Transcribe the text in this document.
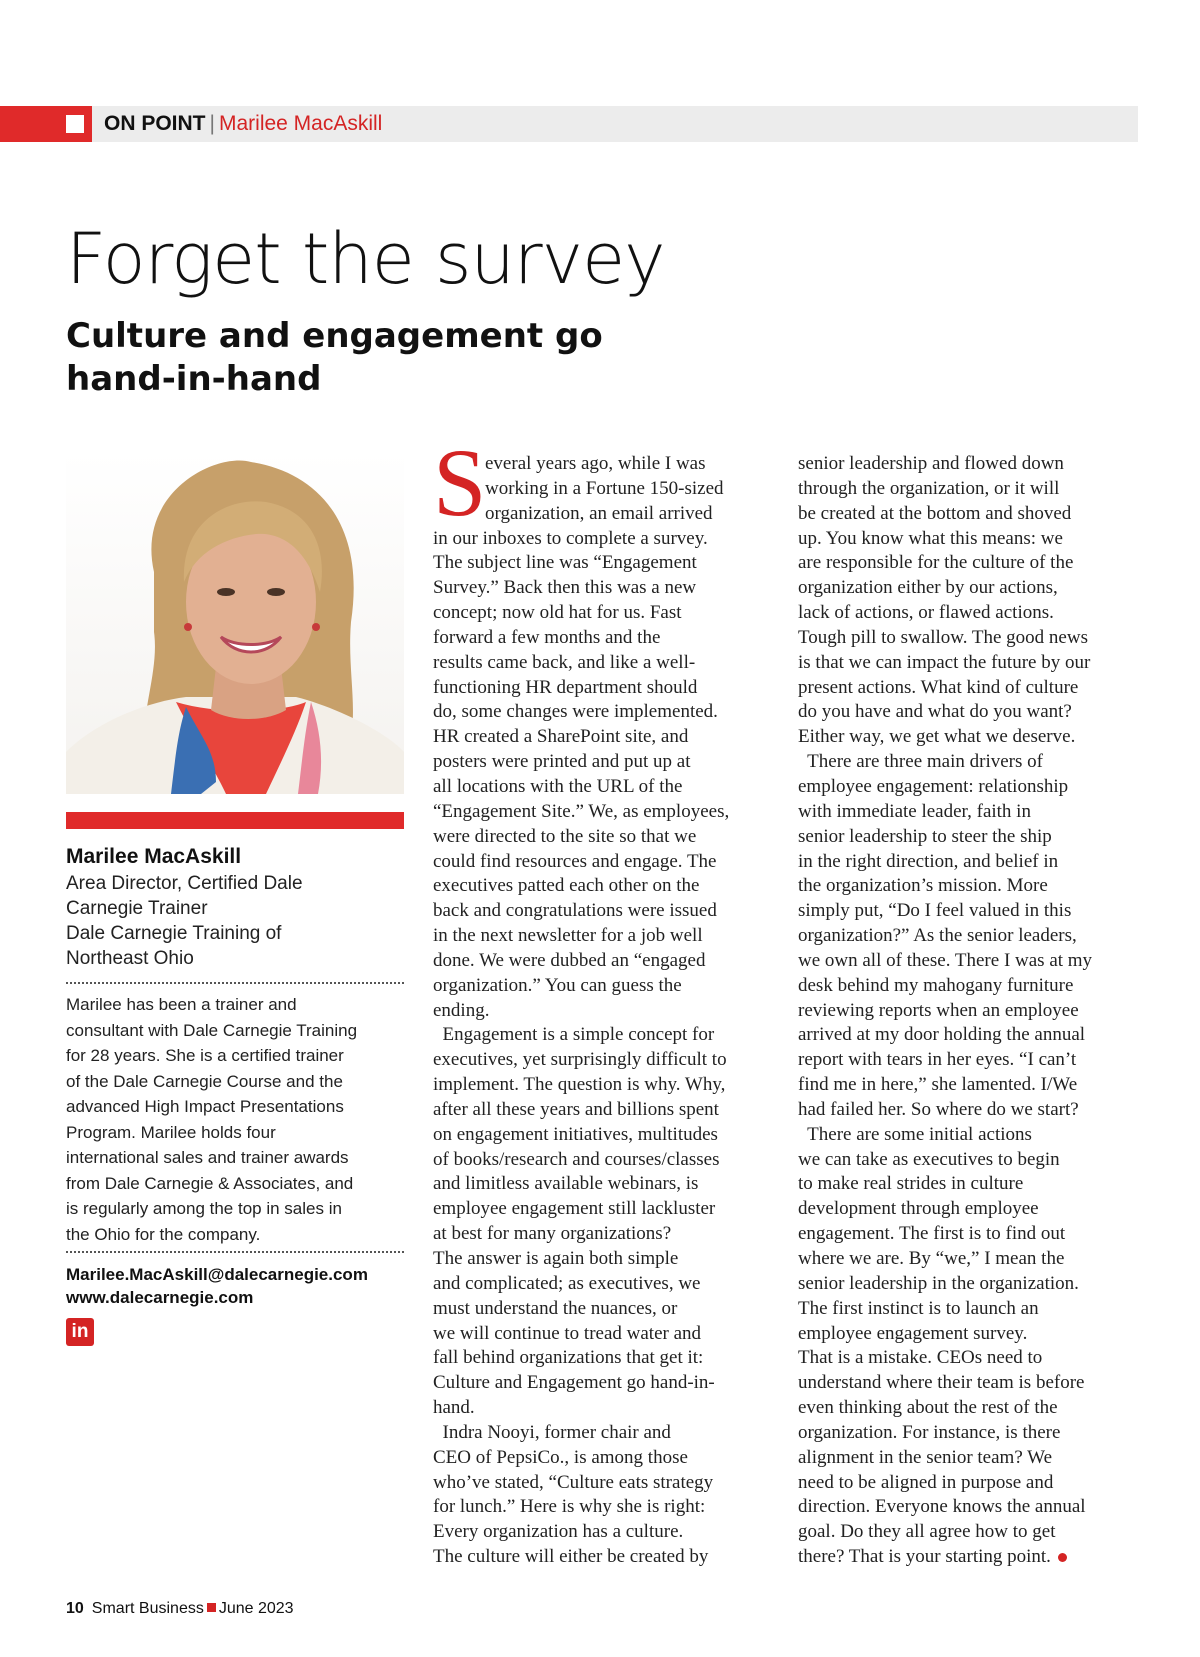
ON POINT | Marilee MacAskill
Forget the survey
Culture and engagement go hand-in-hand
Marilee MacAskill
Area Director, Certified Dale
Carnegie Trainer
Dale Carnegie Training of
Northeast Ohio
Marilee has been a trainer and
consultant with Dale Carnegie Training
for 28 years. She is a certified trainer
of the Dale Carnegie Course and the
advanced High Impact Presentations
Program. Marilee holds four
international sales and trainer awards
from Dale Carnegie & Associates, and
is regularly among the top in sales in
the Ohio for the company.
Marilee.MacAskill@dalecarnegie.com
www.dalecarnegie.com
in
S
everal years ago, while I was
working in a Fortune 150-sized
organization, an email arrived
in our inboxes to complete a survey.
The subject line was “Engagement
Survey.” Back then this was a new
concept; now old hat for us. Fast
forward a few months and the
results came back, and like a well-
functioning HR department should
do, some changes were implemented.
HR created a SharePoint site, and
posters were printed and put up at
all locations with the URL of the
“Engagement Site.” We, as employees,
were directed to the site so that we
could find resources and engage. The
executives patted each other on the
back and congratulations were issued
in the next newsletter for a job well
done. We were dubbed an “engaged
organization.” You can guess the
ending.
Engagement is a simple concept for
executives, yet surprisingly difficult to
implement. The question is why. Why,
after all these years and billions spent
on engagement initiatives, multitudes
of books/research and courses/classes
and limitless available webinars, is
employee engagement still lackluster
at best for many organizations?
The answer is again both simple
and complicated; as executives, we
must understand the nuances, or
we will continue to tread water and
fall behind organizations that get it:
Culture and Engagement go hand-in-
hand.
Indra Nooyi, former chair and
CEO of PepsiCo., is among those
who’ve stated, “Culture eats strategy
for lunch.” Here is why she is right:
Every organization has a culture.
The culture will either be created by
senior leadership and flowed down
through the organization, or it will
be created at the bottom and shoved
up. You know what this means: we
are responsible for the culture of the
organization either by our actions,
lack of actions, or flawed actions.
Tough pill to swallow. The good news
is that we can impact the future by our
present actions. What kind of culture
do you have and what do you want?
Either way, we get what we deserve.
There are three main drivers of
employee engagement: relationship
with immediate leader, faith in
senior leadership to steer the ship
in the right direction, and belief in
the organization’s mission. More
simply put, “Do I feel valued in this
organization?” As the senior leaders,
we own all of these. There I was at my
desk behind my mahogany furniture
reviewing reports when an employee
arrived at my door holding the annual
report with tears in her eyes. “I can’t
find me in here,” she lamented. I/We
had failed her. So where do we start?
There are some initial actions
we can take as executives to begin
to make real strides in culture
development through employee
engagement. The first is to find out
where we are. By “we,” I mean the
senior leadership in the organization.
The first instinct is to launch an
employee engagement survey.
That is a mistake. CEOs need to
understand where their team is before
even thinking about the rest of the
organization. For instance, is there
alignment in the senior team? We
need to be aligned in purpose and
direction. Everyone knows the annual
goal. Do they all agree how to get
there? That is your starting point.
10 Smart Business June 2023
